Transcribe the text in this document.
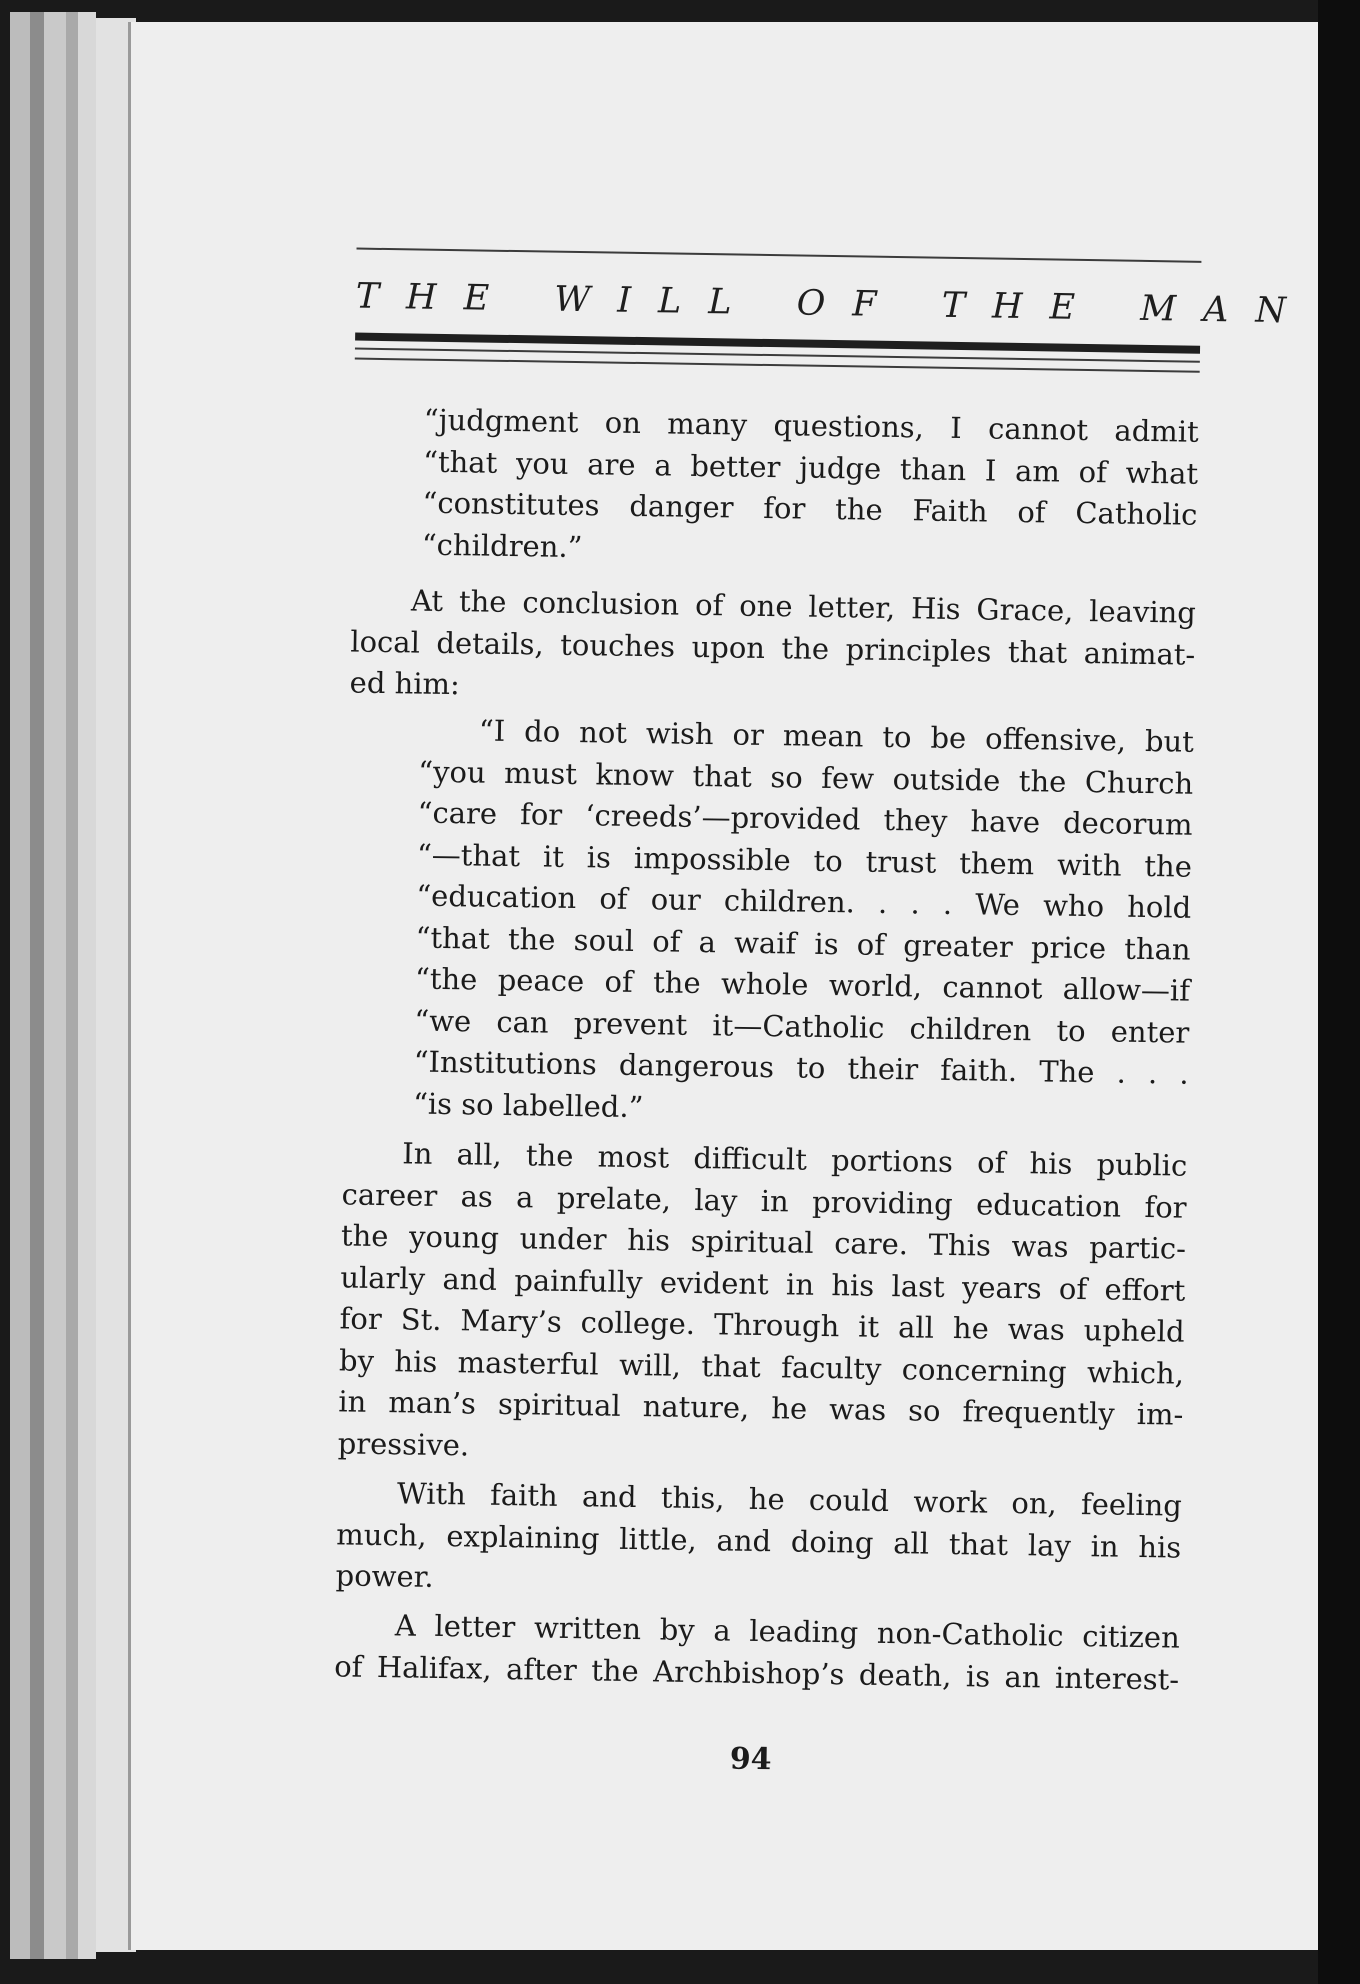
THE WILL OF THE MAN
“judgment on many questions, I cannot admit
“that you are a better judge than I am of what
“constitutes danger for the Faith of Catholic
“children.”
At the conclusion of one letter, His Grace, leaving
local details, touches upon the principles that animat-
ed him:
“I do not wish or mean to be offensive, but
“you must know that so few outside the Church
“care for ‘creeds’—provided they have decorum
“—that it is impossible to trust them with the
“education of our children. . . . We who hold
“that the soul of a waif is of greater price than
“the peace of the whole world, cannot allow—if
“we can prevent it—Catholic children to enter
“Institutions dangerous to their faith. The . . .
“is so labelled.”
In all, the most difficult portions of his public
career as a prelate, lay in providing education for
the young under his spiritual care. This was partic-
ularly and painfully evident in his last years of effort
for St. Mary’s college. Through it all he was upheld
by his masterful will, that faculty concerning which,
in man’s spiritual nature, he was so frequently im-
pressive.
With faith and this, he could work on, feeling
much, explaining little, and doing all that lay in his
power.
A letter written by a leading non-Catholic citizen
of Halifax, after the Archbishop’s death, is an interest-
94
